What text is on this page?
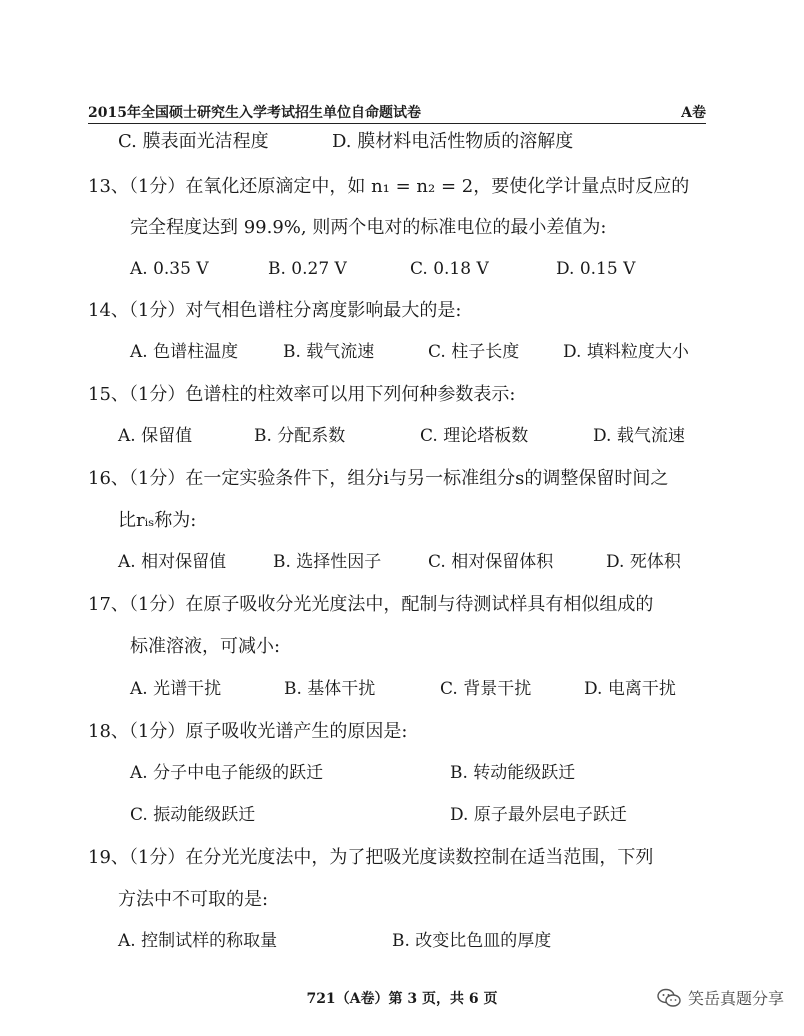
2015年全国硕士研究生入学考试招生单位自命题试卷	A卷
C. 膜表面光洁程度	D. 膜材料电活性物质的溶解度
13、（1分）在氧化还原滴定中，如 n₁ = n₂ = 2，要使化学计量点时反应的
完全程度达到 99.9%, 则两个电对的标准电位的最小差值为:
A. 0.35 V	B. 0.27 V	C. 0.18 V	D. 0.15 V
14、（1分）对气相色谱柱分离度影响最大的是:
A. 色谱柱温度	B. 载气流速	C. 柱子长度	D. 填料粒度大小
15、（1分）色谱柱的柱效率可以用下列何种参数表示:
A. 保留值	B. 分配系数	C. 理论塔板数	D. 载气流速
16、（1分）在一定实验条件下，组分i与另一标准组分s的调整保留时间之
比rᵢₛ称为:
A. 相对保留值	B. 选择性因子	C. 相对保留体积	D. 死体积
17、（1分）在原子吸收分光光度法中，配制与待测试样具有相似组成的
标准溶液，可减小:
A. 光谱干扰	B. 基体干扰	C. 背景干扰	D. 电离干扰
18、（1分）原子吸收光谱产生的原因是:
A. 分子中电子能级的跃迁	B. 转动能级跃迁
C. 振动能级跃迁	D. 原子最外层电子跃迁
19、（1分）在分光光度法中，为了把吸光度读数控制在适当范围，下列
方法中不可取的是:
A. 控制试样的称取量	B. 改变比色皿的厚度
721（A卷）第 3 页，共 6 页	笑岳真题分享
